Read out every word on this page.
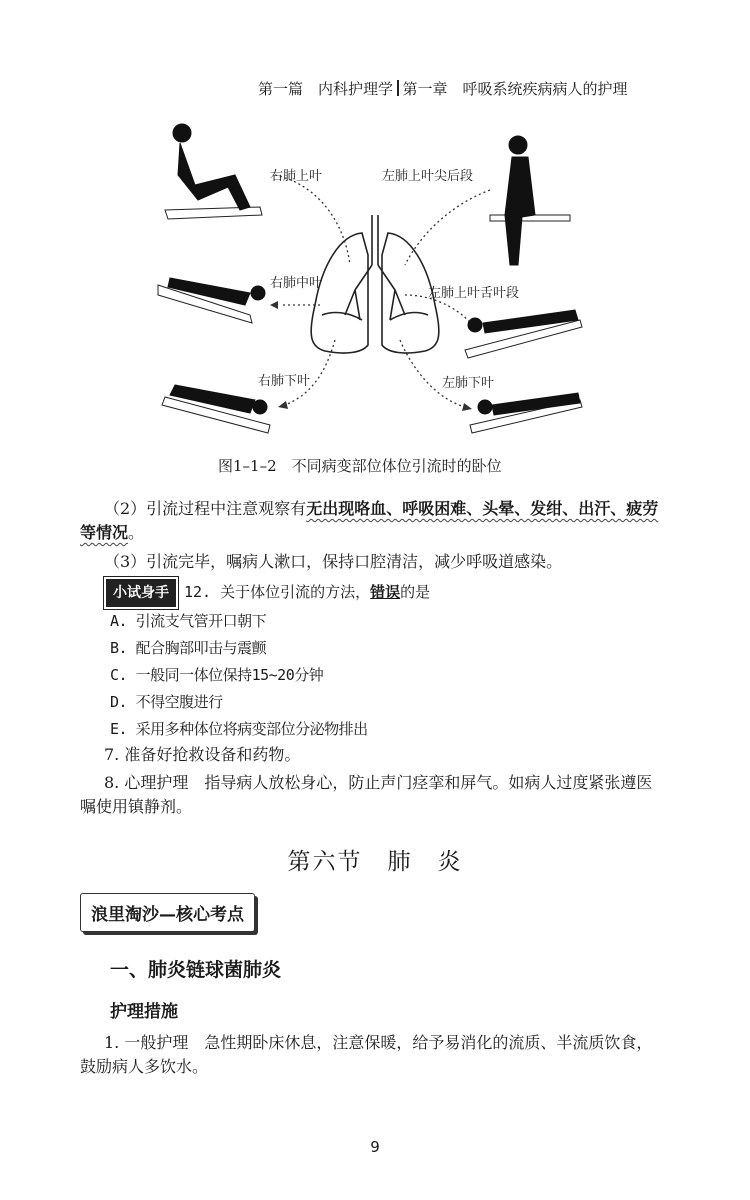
第一篇　内科护理学 第一章　呼吸系统疾病病人的护理
右肺上叶	左肺上叶尖后段
右肺中叶
左肺上叶舌叶段
右肺下叶	左肺下叶
图1–1–2　不同病变部位体位引流时的卧位
（2）引流过程中注意观察有无出现咯血、呼吸困难、头晕、发绀、出汗、疲劳
等情况。
（3）引流完毕，嘱病人漱口，保持口腔清洁，减少呼吸道感染。
小试身手 12. 关于体位引流的方法，错误的是
A. 引流支气管开口朝下
B. 配合胸部叩击与震颤
C. 一般同一体位保持15~20分钟
D. 不得空腹进行
E. 采用多种体位将病变部位分泌物排出
7. 准备好抢救设备和药物。
8. 心理护理　指导病人放松身心，防止声门痉挛和屏气。如病人过度紧张遵医
嘱使用镇静剂。
第六节　肺　炎
浪里淘沙—核心考点
一、肺炎链球菌肺炎
护理措施
1. 一般护理　急性期卧床休息，注意保暖，给予易消化的流质、半流质饮食，
鼓励病人多饮水。
9
